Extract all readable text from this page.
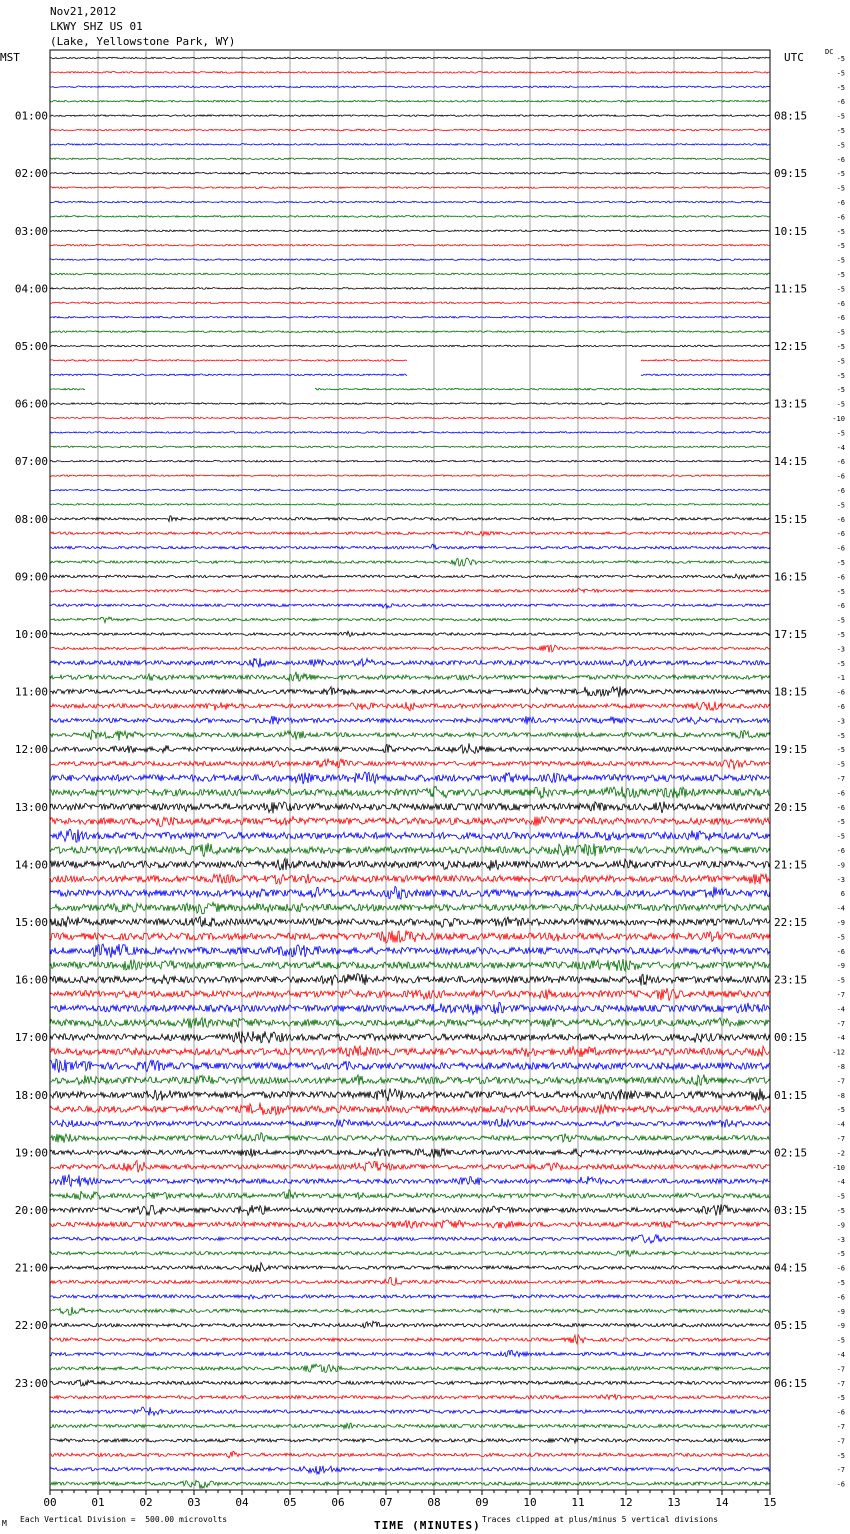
Nov21,2012
LKWY SHZ US 01
(Lake, Yellowstone Park, WY)
MST	UTC	DC
00	01	02	03	04	05	06	07	08	09	10	11	12	13	14	15
-5
-5
-5
-6
-5
-5
-5
-6
-5
-5
-6
-6
-5
-5
-5
-5
-5
-6
-6
-5
-5
-5
-5
-5
-5
-10
-5
-4
-6
-6
-6
-5
-6
-6
-6
-5
-6
-5
-6
-5
-5
-3
-5
-1
-6
-6
-3
-5
-5
-5
-7
-6
-6
-5
-5
-6
-9
-3
6
-4
-9
-5
-6
-9
-5
-7
-4
-7
-4
-12
-8
-7
-8
-5
-4
-7
-2
-10
-4
-5
-5
-9
-3
-5
-6
-5
-6
-9
-9
-5
-4
-7
-7
-5
-6
-7
-7
-5
-7
-6
01:00	08:15
02:00	09:15
03:00	10:15
04:00	11:15
05:00	12:15
06:00	13:15
07:00	14:15
08:00	15:15
09:00	16:15
10:00	17:15
11:00	18:15
12:00	19:15
13:00	20:15
14:00	21:15
15:00	22:15
16:00	23:15
17:00	00:15
18:00	01:15
19:00	02:15
20:00	03:15
21:00	04:15
22:00	05:15
23:00	06:15
M Each Vertical Division =  500.00 microvolts	TIME (MINUTES) Traces clipped at plus/minus 5 vertical divisions
